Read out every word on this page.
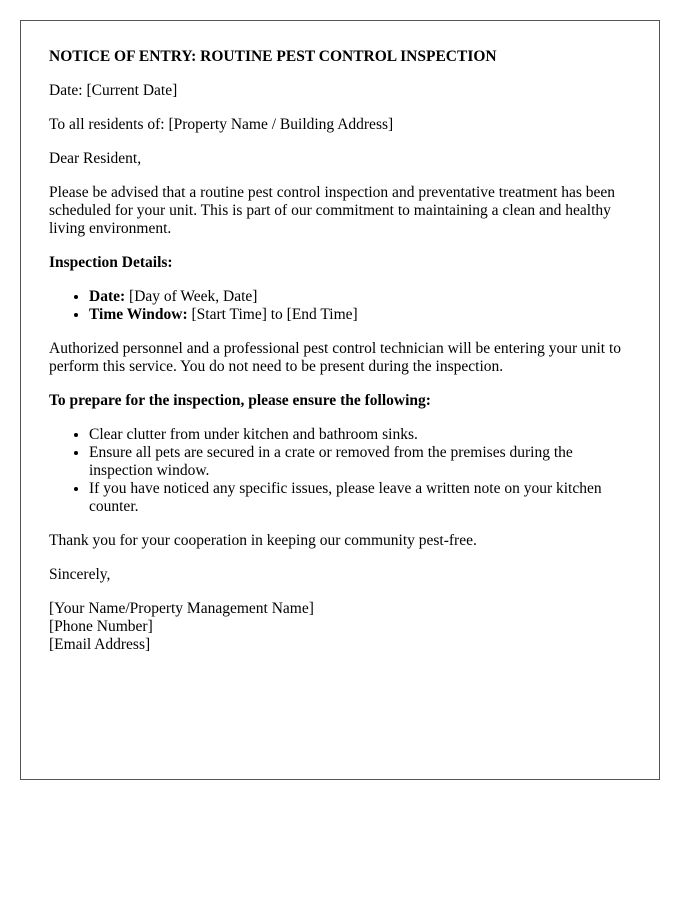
NOTICE OF ENTRY: ROUTINE PEST CONTROL INSPECTION

Date: [Current Date]

To all residents of: [Property Name / Building Address]

Dear Resident,

Please be advised that a routine pest control inspection and preventative treatment has been scheduled for your unit. This is part of our commitment to maintaining a clean and healthy living environment.

Inspection Details:

• Date: [Day of Week, Date]
• Time Window: [Start Time] to [End Time]

Authorized personnel and a professional pest control technician will be entering your unit to perform this service. You do not need to be present during the inspection.

To prepare for the inspection, please ensure the following:

• Clear clutter from under kitchen and bathroom sinks.
• Ensure all pets are secured in a crate or removed from the premises during the inspection window.
• If you have noticed any specific issues, please leave a written note on your kitchen counter.

Thank you for your cooperation in keeping our community pest-free.

Sincerely,

[Your Name/Property Management Name]
[Phone Number]
[Email Address]
